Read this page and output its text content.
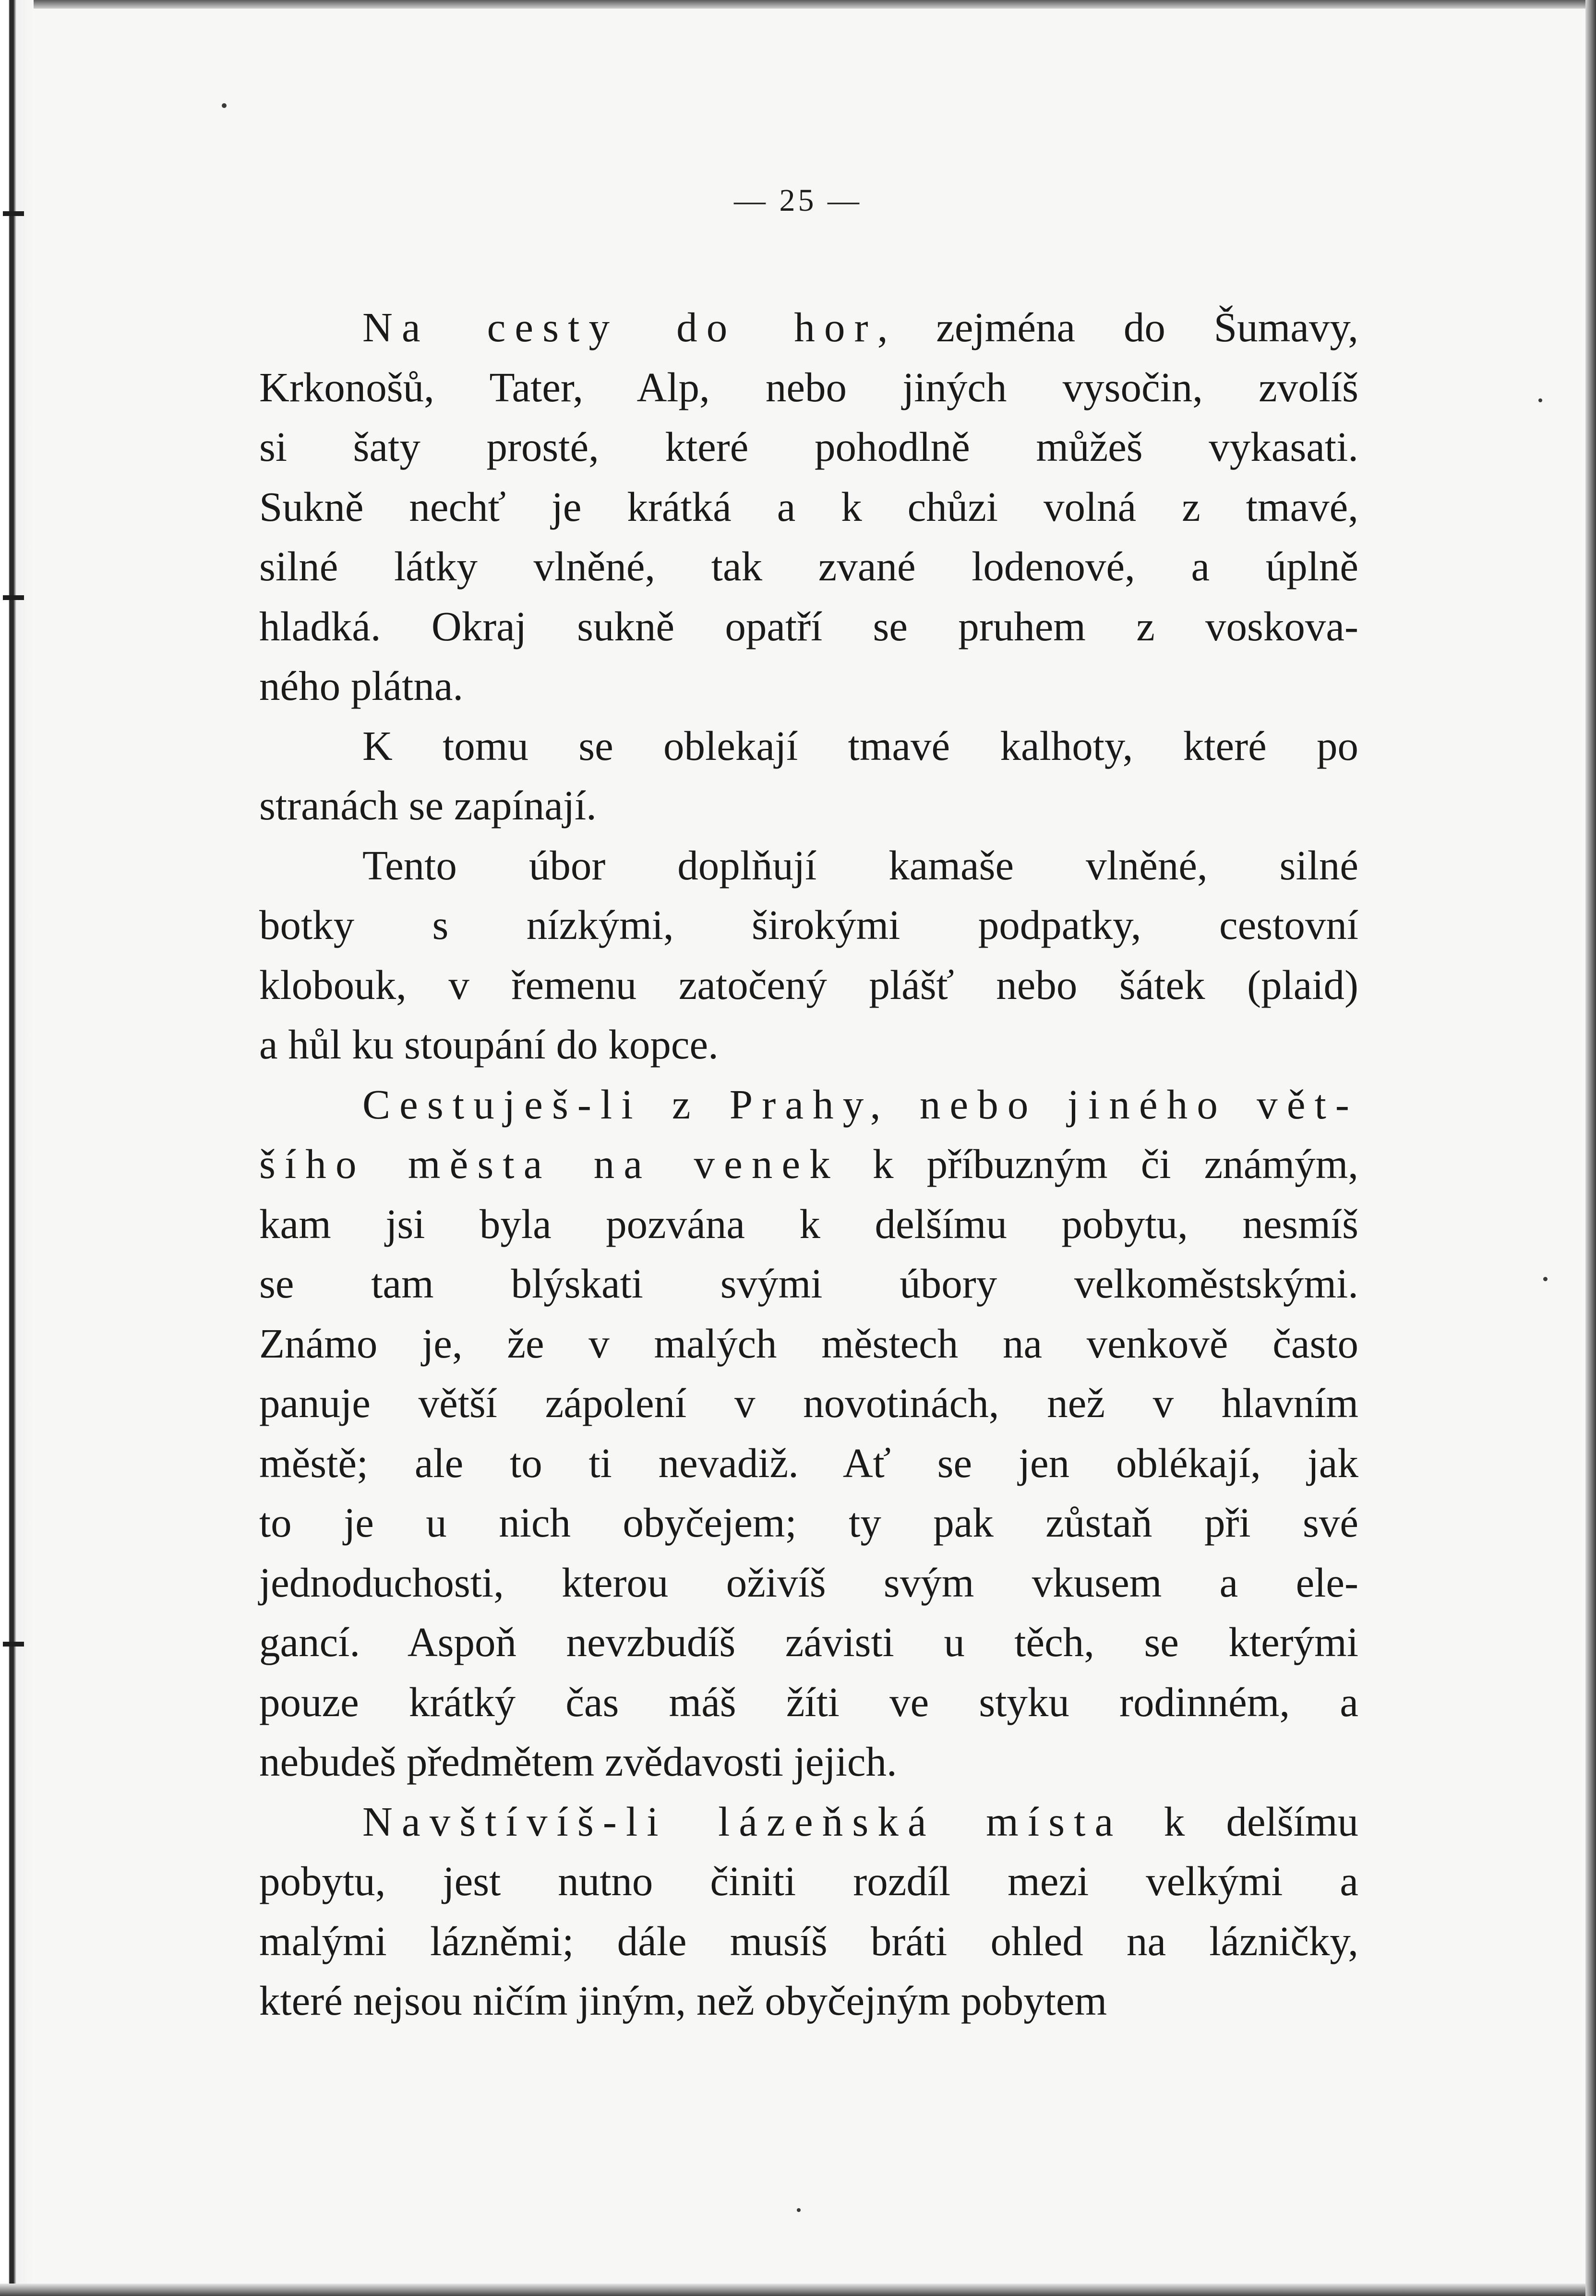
— 25 —

Na cesty do hor, zejména do Šumavy,
Krkonošů, Tater, Alp, nebo jiných vysočin, zvolíš
si šaty prosté, které pohodlně můžeš vykasati.
Sukně nechť je krátká a k chůzi volná z tmavé,
silné látky vlněné, tak zvané lodenové, a úplně
hladká. Okraj sukně opatří se pruhem z voskova-
ného plátna.

K tomu se oblekají tmavé kalhoty, které po
stranách se zapínají.

Tento úbor doplňují kamaše vlněné, silné
botky s nízkými, širokými podpatky, cestovní
klobouk, v řemenu zatočený plášť nebo šátek (plaid)
a hůl ku stoupání do kopce.

Cestuješ-li z Prahy, nebo jiného vět-
šího města na venek k příbuzným či známým,
kam jsi byla pozvána k delšímu pobytu, nesmíš
se tam blýskati svými úbory velkoměstskými.
Známo je, že v malých městech na venkově často
panuje větší zápolení v novotinách, než v hlavním
městě; ale to ti nevadiž. Ať se jen oblékají, jak
to je u nich obyčejem; ty pak zůstaň při své
jednoduchosti, kterou oživíš svým vkusem a ele-
gancí. Aspoň nevzbudíš závisti u těch, se kterými
pouze krátký čas máš žíti ve styku rodinném, a
nebudeš předmětem zvědavosti jejich.

Navštívíš-li lázeňská místa k delšímu
pobytu, jest nutno činiti rozdíl mezi velkými a
malými lázněmi; dále musíš bráti ohled na lázničky,
které nejsou ničím jiným, než obyčejným pobytem
